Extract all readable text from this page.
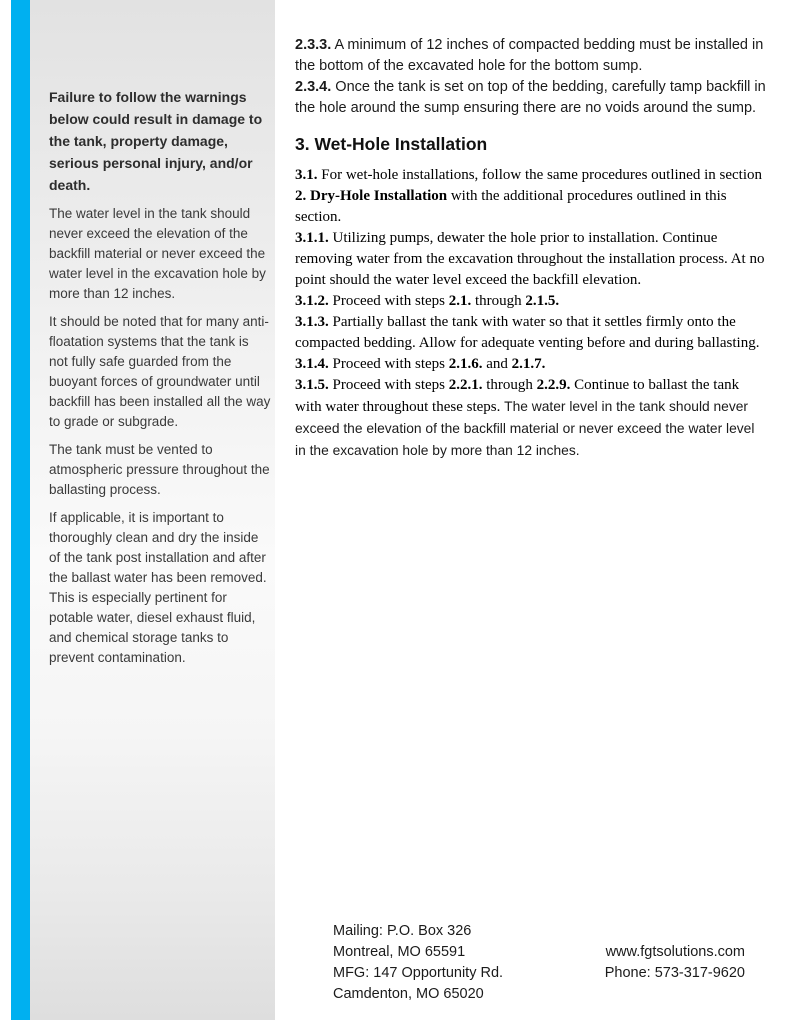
Failure to follow the warnings below could result in damage to the tank, property damage, serious personal injury, and/or death.

The water level in the tank should never exceed the elevation of the backfill material or never exceed the water level in the excavation hole by more than 12 inches.

It should be noted that for many anti-floatation systems that the tank is not fully safe guarded from the buoyant forces of groundwater until backfill has been installed all the way to grade or subgrade.

The tank must be vented to atmospheric pressure throughout the ballasting process.

If applicable, it is important to thoroughly clean and dry the inside of the tank post installation and after the ballast water has been removed. This is especially pertinent for potable water, diesel exhaust fluid, and chemical storage tanks to prevent contamination.

2.3.3. A minimum of 12 inches of compacted bedding must be installed in the bottom of the excavated hole for the bottom sump.

2.3.4. Once the tank is set on top of the bedding, carefully tamp backfill in the hole around the sump ensuring there are no voids around the sump.

3. Wet-Hole Installation

3.1. For wet-hole installations, follow the same procedures outlined in section 2. Dry-Hole Installation with the additional procedures outlined in this section.

3.1.1. Utilizing pumps, dewater the hole prior to installation. Continue removing water from the excavation throughout the installation process. At no point should the water level exceed the backfill elevation.

3.1.2. Proceed with steps 2.1. through 2.1.5.

3.1.3. Partially ballast the tank with water so that it settles firmly onto the compacted bedding. Allow for adequate venting before and during ballasting.

3.1.4. Proceed with steps 2.1.6. and 2.1.7.

3.1.5. Proceed with steps 2.2.1. through 2.2.9. Continue to ballast the tank with water throughout these steps. The water level in the tank should never exceed the elevation of the backfill material or never exceed the water level in the excavation hole by more than 12 inches.

Mailing: P.O. Box 326

Montreal, MO 65591

MFG: 147 Opportunity Rd.

Camdenton, MO 65020

www.fgtsolutions.com

Phone: 573-317-9620
